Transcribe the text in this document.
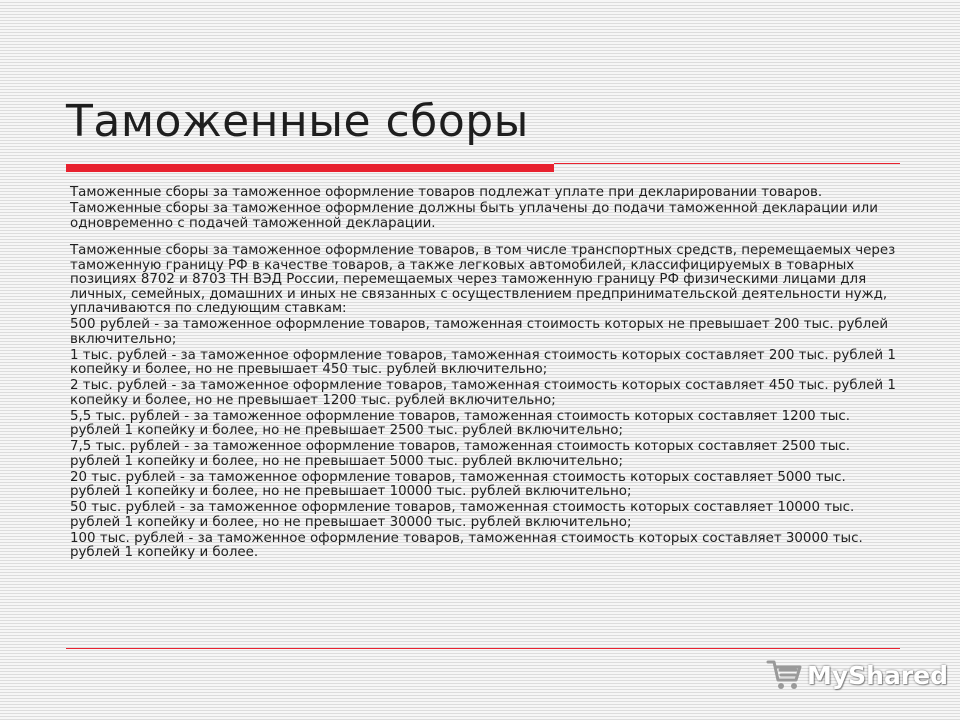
Таможенные сборы

Таможенные сборы за таможенное оформление товаров подлежат уплате при декларировании товаров.

Таможенные сборы за таможенное оформление должны быть уплачены до подачи таможенной декларации или одновременно с подачей таможенной декларации.

Таможенные сборы за таможенное оформление товаров, в том числе транспортных средств, перемещаемых через таможенную границу РФ в качестве товаров, а также легковых автомобилей, классифицируемых в товарных позициях 8702 и 8703 ТН ВЭД России, перемещаемых через таможенную границу РФ физическими лицами для личных, семейных, домашних и иных не связанных с осуществлением предпринимательской деятельности нужд, уплачиваются по следующим ставкам:

500 рублей - за таможенное оформление товаров, таможенная стоимость которых не превышает 200 тыс. рублей включительно;

1 тыс. рублей - за таможенное оформление товаров, таможенная стоимость которых составляет 200 тыс. рублей 1 копейку и более, но не превышает 450 тыс. рублей включительно;

2 тыс. рублей - за таможенное оформление товаров, таможенная стоимость которых составляет 450 тыс. рублей 1 копейку и более, но не превышает 1200 тыс. рублей включительно;

5,5 тыс. рублей - за таможенное оформление товаров, таможенная стоимость которых составляет 1200 тыс. рублей 1 копейку и более, но не превышает 2500 тыс. рублей включительно;

7,5 тыс. рублей - за таможенное оформление товаров, таможенная стоимость которых составляет 2500 тыс. рублей 1 копейку и более, но не превышает 5000 тыс. рублей включительно;

20 тыс. рублей - за таможенное оформление товаров, таможенная стоимость которых составляет 5000 тыс. рублей 1 копейку и более, но не превышает 10000 тыс. рублей включительно;

50 тыс. рублей - за таможенное оформление товаров, таможенная стоимость которых составляет 10000 тыс. рублей 1 копейку и более, но не превышает 30000 тыс. рублей включительно;

100 тыс. рублей - за таможенное оформление товаров, таможенная стоимость которых составляет 30000 тыс. рублей 1 копейку и более.

MyShared
